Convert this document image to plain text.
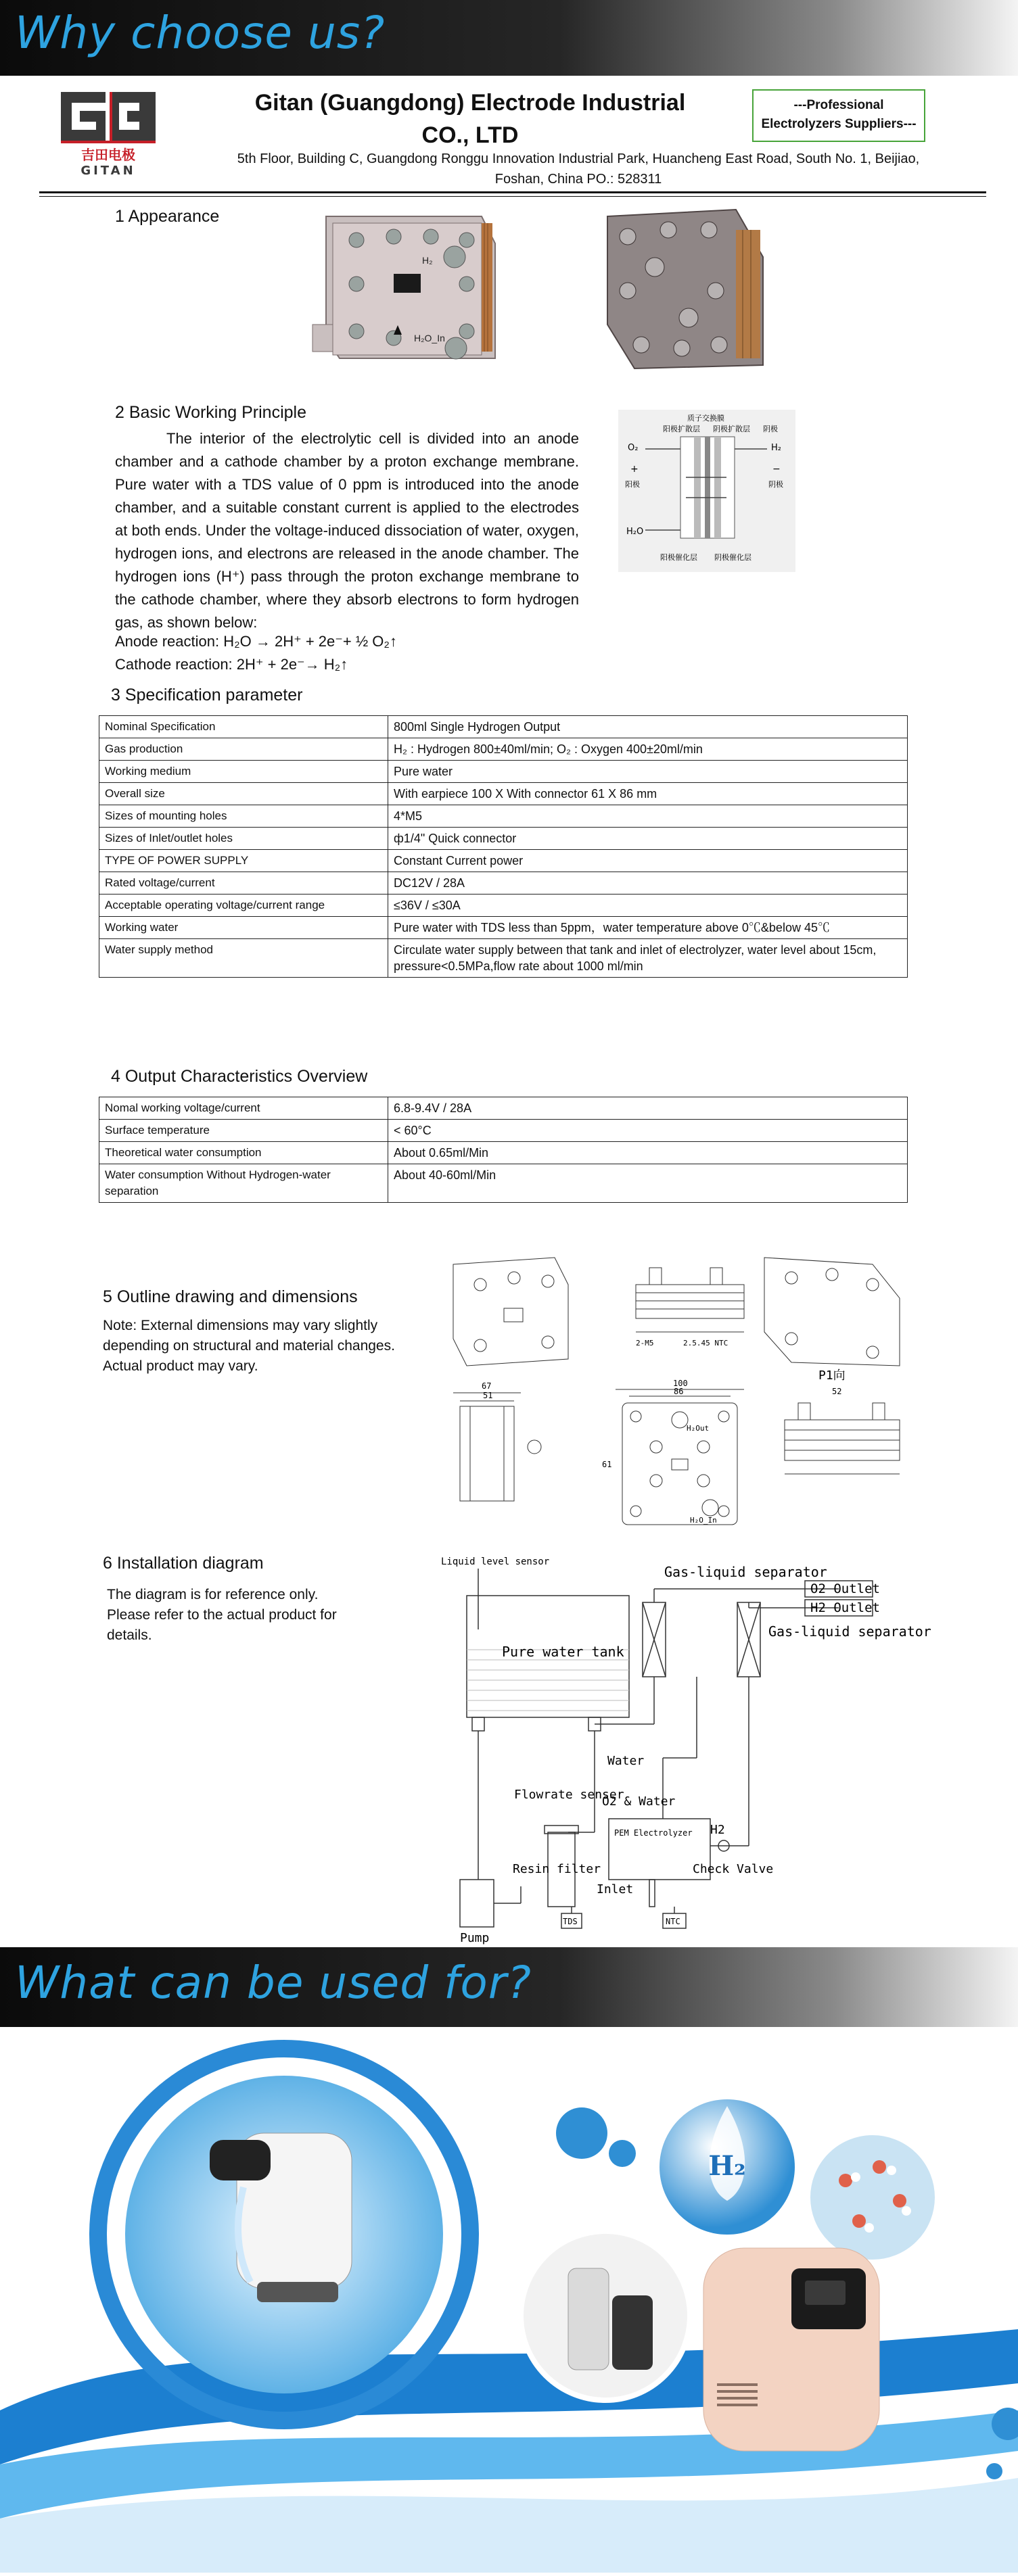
Why choose us?
吉田电极
GITAN
Gitan (Guangdong) Electrode Industrial
CO., LTD
---Professional
Electrolyzers Suppliers---
5th Floor, Building C, Guangdong Ronggu Innovation Industrial Park, Huancheng East Road, South No. 1, Beijiao,
Foshan, China PO.: 528311
1 Appearance
H₂
H₂O_In
2 Basic Working Principle
The interior of the electrolytic cell is divided into an anode chamber and a cathode chamber by a proton exchange membrane. Pure water with a TDS value of 0 ppm is introduced into the anode chamber, and a suitable constant current is applied to the electrodes at both ends. Under the voltage-induced dissociation of water, oxygen, hydrogen ions, and electrons are released in the anode chamber. The hydrogen ions (H⁺) pass through the proton exchange membrane to the cathode chamber, where they absorb electrons to form hydrogen gas, as shown below:
Anode reaction: H₂O → 2H⁺ + 2e⁻+ ½ O₂↑
Cathode reaction: 2H⁺ + 2e⁻→ H₂↑
质子交换膜
阳极扩散层 阴极扩散层 阴极
O₂	H₂
+	−
阳极	阴极
H₂O
阳极催化层 阴极催化层
3 Specification parameter
Nominal Specification	800ml Single Hydrogen Output
Gas production	H₂ : Hydrogen 800±40ml/min; O₂ : Oxygen 400±20ml/min
Working medium	Pure water
Overall size	With earpiece 100 X With connector 61 X 86 mm
Sizes of mounting holes	4*M5
Sizes of Inlet/outlet holes	ф1/4" Quick connector
TYPE OF POWER SUPPLY	Constant Current power
Rated voltage/current	DC12V / 28A
Acceptable operating voltage/current range	≤36V / ≤30A
Working water	Pure water with TDS less than 5ppm，water temperature above 0℃&below 45℃
Water supply method	Circulate water supply between that tank and inlet of electrolyzer, water level about 15cm, pressure<0.5MPa,flow rate about 1000 ml/min
4 Output Characteristics Overview
Nomal working voltage/current	6.8-9.4V / 28A
Surface temperature	< 60°C
Theoretical water consumption	About 0.65ml/Min
Water consumption Without Hydrogen-water separation	About 40-60ml/Min
5 Outline drawing and dimensions
Note: External dimensions may vary slightly depending on structural and material changes. Actual product may vary.
2-M5	2.5.45 NTC
67
51
100
86
61
H₂Out
H₂O_In
P1向
52
6 Installation diagram
The diagram is for reference only. Please refer to the actual product for details.
Liquid level sensor
Pure water tank
Gas-liquid separator
Gas-liquid separator
O2 Outlet
H2 Outlet
Water
Flowrate senser
O2 & Water
PEM Electrolyzer H2
Resin filter
Inlet
Check Valve
TDS	NTC
Pump
What can be used for?
H₂
